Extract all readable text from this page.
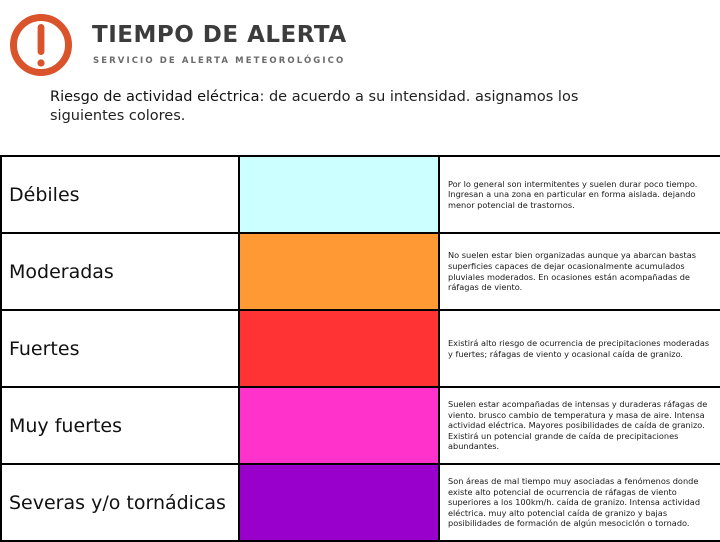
TIEMPO DE ALERTA
SERVICIO DE ALERTA METEOROLÓGICO

Riesgo de actividad eléctrica: de acuerdo a su intensidad. asignamos los siguientes colores.

Débiles		Por lo general son intermitentes y suelen durar poco tiempo. Ingresan a una zona en particular en forma aislada. dejando menor potencial de trastornos.
Moderadas		No suelen estar bien organizadas aunque ya abarcan bastas superficies capaces de dejar ocasionalmente acumulados pluviales moderados. En ocasiones están acompañadas de ráfagas de viento.
Fuertes		Existirá alto riesgo de ocurrencia de precipitaciones moderadas y fuertes; ráfagas de viento y ocasional caída de granizo.
Muy fuertes		Suelen estar acompañadas de intensas y duraderas ráfagas de viento. brusco cambio de temperatura y masa de aire. Intensa actividad eléctrica. Mayores posibilidades de caída de granizo. Existirá un potencial grande de caída de precipitaciones abundantes.
Severas y/o tornádicas		Son áreas de mal tiempo muy asociadas a fenómenos donde existe alto potencial de ocurrencia de ráfagas de viento superiores a los 100km/h. caída de granizo. Intensa actividad eléctrica. muy alto potencial caída de granizo y bajas posibilidades de formación de algún mesociclón o tornado.
